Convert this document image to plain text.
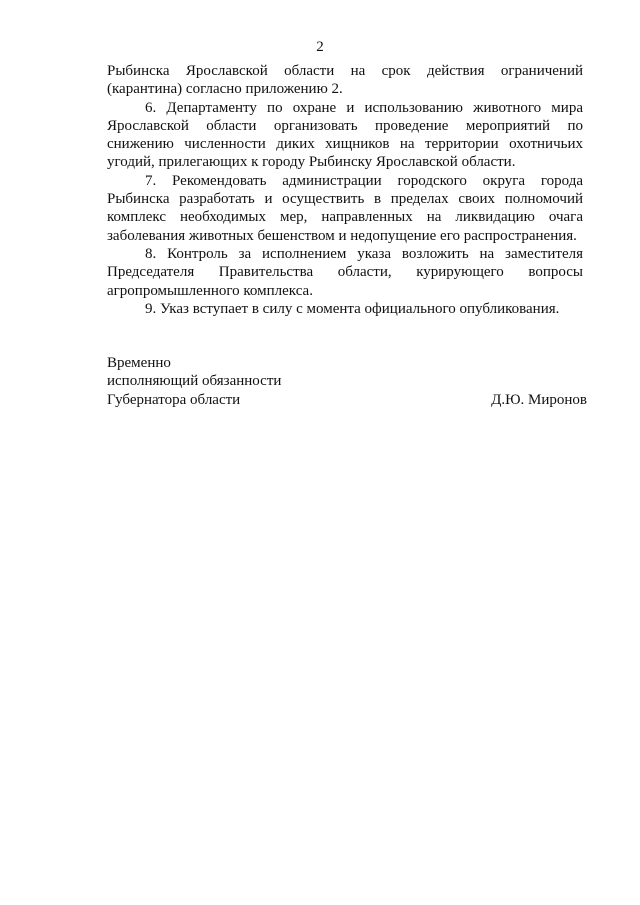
2

Рыбинска Ярославской области на срок действия ограничений (карантина) согласно приложению 2.

6. Департаменту по охране и использованию животного мира Ярославской области организовать проведение мероприятий по снижению численности диких хищников на территории охотничьих угодий, прилегающих к городу Рыбинску Ярославской области.

7. Рекомендовать администрации городского округа города Рыбинска разработать и осуществить в пределах своих полномочий комплекс необходимых мер, направленных на ликвидацию очага заболевания животных бешенством и недопущение его распространения.

8. Контроль за исполнением указа возложить на заместителя Председателя Правительства области, курирующего вопросы агропромышленного комплекса.

9. Указ вступает в силу с момента официального опубликования.

Временно
исполняющий обязанности
Губернатора области	Д.Ю. Миронов
